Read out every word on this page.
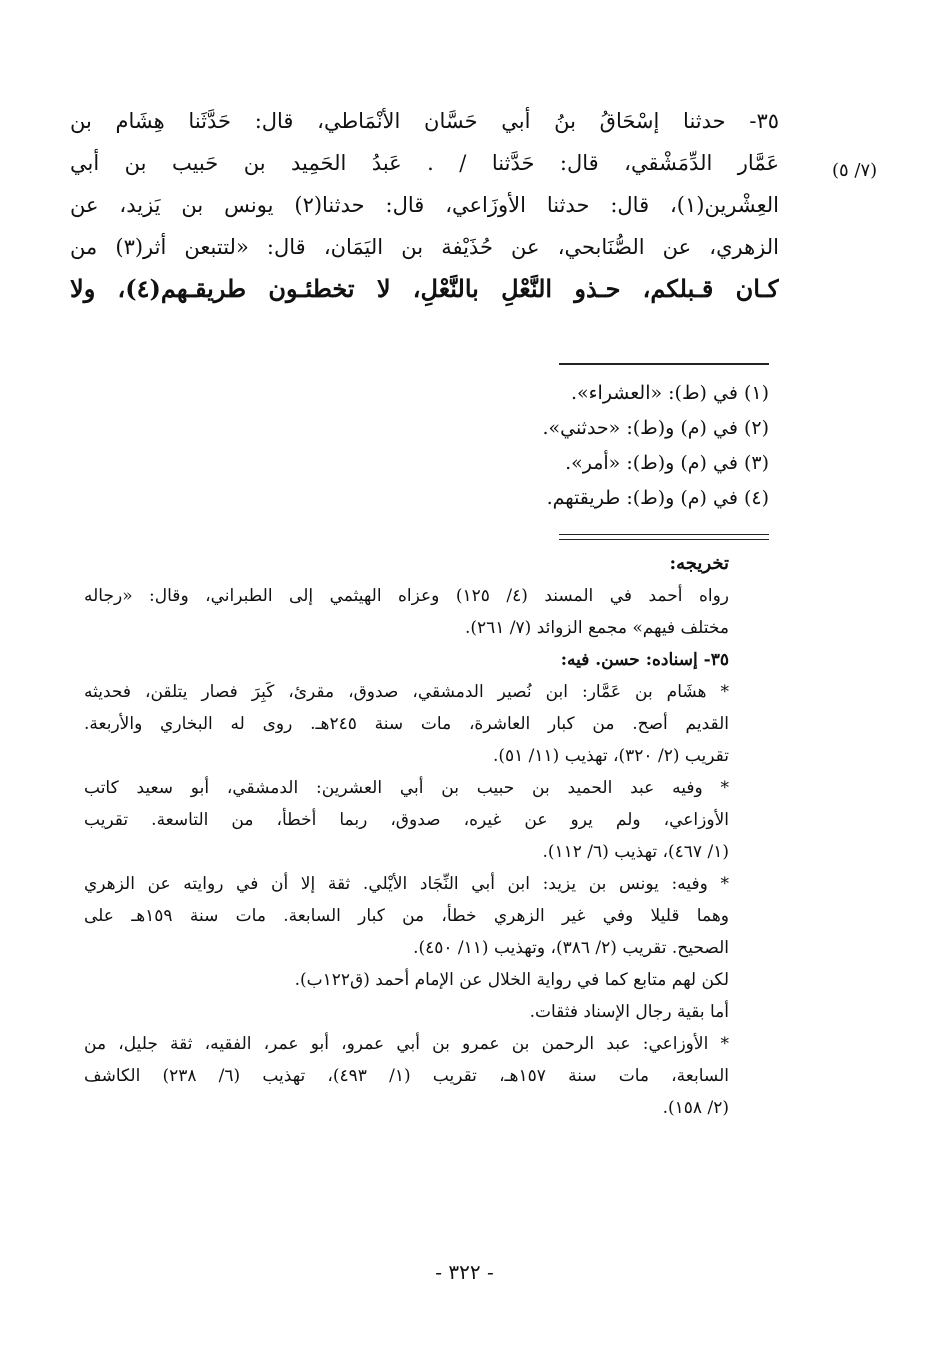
(٧/ ٥)
٣٥- حدثنا إسْحَاقُ بنُ أبي حَسَّان الأنْمَاطي، قال: حَدَّثَنا هِشَام بن
عَمَّار الدِّمَشْقي، قال: حَدَّثنا / . عَبدُ الحَمِيد بن حَبيب بن أبي
العِشْرين(١)، قال: حدثنا الأوزَاعي، قال: حدثنا(٢) يونس بن يَزيد، عن
الزهري، عن الصُّنَابحي، عن حُذَيْفة بن اليَمَان، قال: «لتتبعن أثر(٣) من
كـان قـبلكم، حـذو النَّعْلِ بالنَّعْلِ، لا تخطئـون طريقـهم(٤)، ولا
(١) في (ط): «العشراء».
(٢) في (م) و(ط): «حدثني».
(٣) في (م) و(ط): «أمر».
(٤) في (م) و(ط): طريقتهم.
تخريجه:
رواه أحمد في المسند (٤/ ١٢٥) وعزاه الهيثمي إلى الطبراني، وقال: «رجاله
مختلف فيهم» مجمع الزوائد (٧/ ٢٦١).
٣٥- إسناده: حسن. فيه:
* هشَام بن عَمَّار: ابن نُصير الدمشقي، صدوق، مقرئ، كَبِرَ فصار يتلقن، فحديثه
القديم أصح. من كبار العاشرة، مات سنة ٢٤٥هـ. روى له البخاري والأربعة.
تقريب (٢/ ٣٢٠)، تهذيب (١١/ ٥١).
* وفيه عبد الحميد بن حبيب بن أبي العشرين: الدمشقي، أبو سعيد كاتب
الأوزاعي، ولم يرو عن غيره، صدوق، ربما أخطأ، من التاسعة. تقريب
(١/ ٤٦٧)، تهذيب (٦/ ١١٢).
* وفيه: يونس بن يزيد: ابن أبي النِّجَاد الأيْلي. ثقة إلا أن في روايته عن الزهري
وهما قليلا وفي غير الزهري خطأ، من كبار السابعة. مات سنة ١٥٩هـ على
الصحيح. تقريب (٢/ ٣٨٦)، وتهذيب (١١/ ٤٥٠).
لكن لهم متابع كما في رواية الخلال عن الإمام أحمد (ق١٢٢ب).
أما بقية رجال الإسناد فثقات.
* الأوزاعي: عبد الرحمن بن عمرو بن أبي عمرو، أبو عمر، الفقيه، ثقة جليل، من
السابعة، مات سنة ١٥٧هـ، تقريب (١/ ٤٩٣)، تهذيب (٦/ ٢٣٨) الكاشف
(٢/ ١٥٨).
- ٣٢٢ -
